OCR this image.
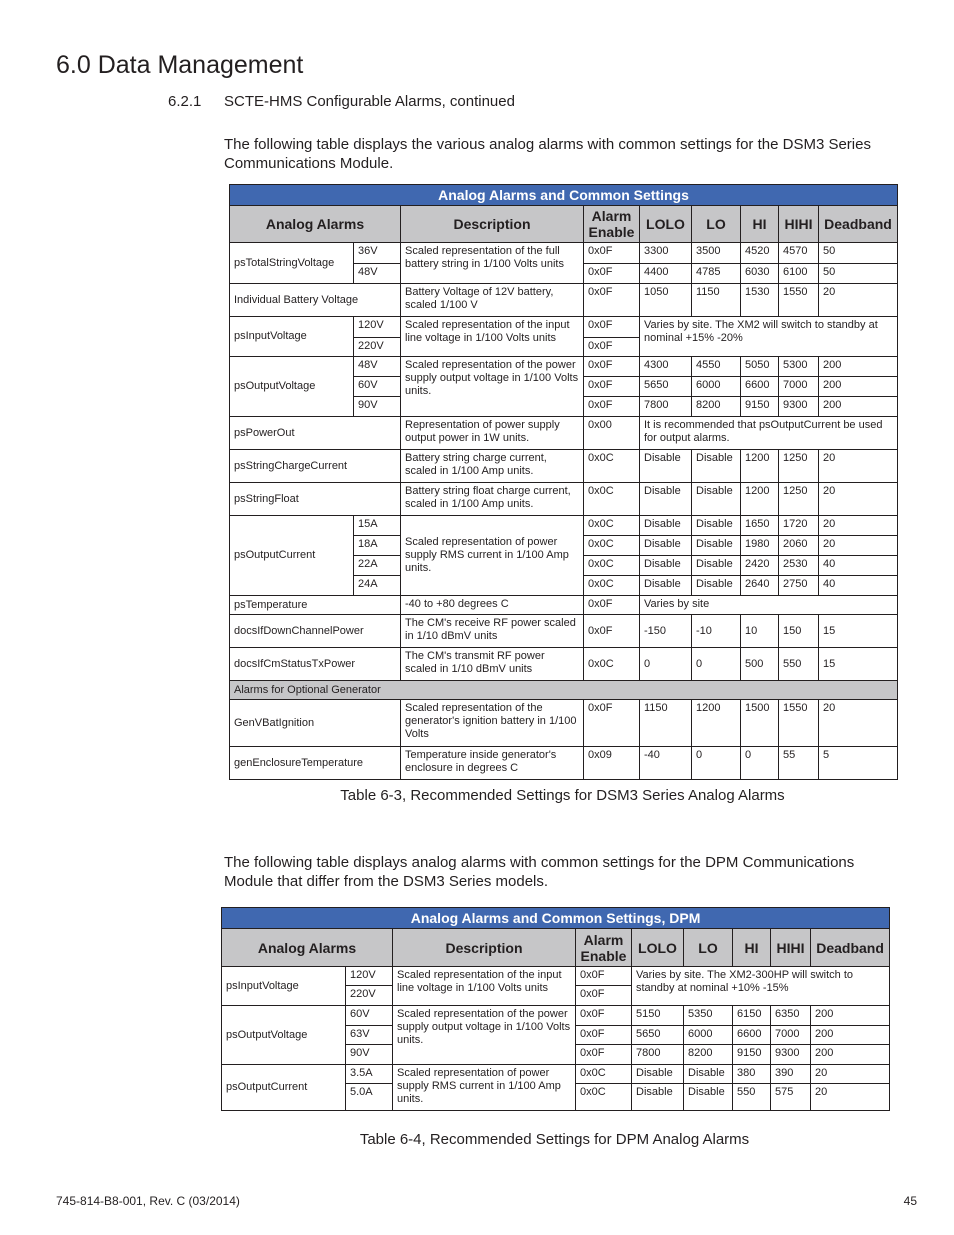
6.0 Data Management
6.2.1 SCTE-HMS Configurable Alarms, continued
The following table displays the various analog alarms with common settings for the DSM3 Series Communications Module.
Analog Alarms and Common Settings								
Analog Alarms		Description	Alarm Enable	LOLO	LO	HI	HIHI	Deadband
psTotalStringVoltage	36V	Scaled representation of the full battery string in 1/100 Volts units	0x0F	3300	3500	4520	4570	50
	48V		0x0F	4400	4785	6030	6100	50
Individual Battery Voltage		Battery Voltage of 12V battery, scaled 1/100 V	0x0F	1050	1150	1530	1550	20
psInputVoltage	120V	Scaled representation of the input line voltage in 1/100 Volts units	0x0F	Varies by site. The XM2 will switch to standby at nominal +15% -20%				
	220V		0x0F					
psOutputVoltage	48V	Scaled representation of the power supply output voltage in 1/100 Volts units.	0x0F	4300	4550	5050	5300	200
	60V		0x0F	5650	6000	6600	7000	200
	90V		0x0F	7800	8200	9150	9300	200
psPowerOut		Representation of power supply output power in 1W units.	0x00	It is recommended that psOutputCurrent be used for output alarms.				
psStringChargeCurrent		Battery string charge current, scaled in 1/100 Amp units.	0x0C	Disable	Disable	1200	1250	20
psStringFloat		Battery string float charge current, scaled in 1/100 Amp units.	0x0C	Disable	Disable	1200	1250	20
psOutputCurrent	15A	Scaled representation of power supply RMS current in 1/100 Amp units.	0x0C	Disable	Disable	1650	1720	20
	18A		0x0C	Disable	Disable	1980	2060	20
	22A		0x0C	Disable	Disable	2420	2530	40
	24A		0x0C	Disable	Disable	2640	2750	40
psTemperature		-40 to +80 degrees C	0x0F	Varies by site				
docsIfDownChannelPower		The CM's receive RF power scaled in 1/10 dBmV units	0x0F	-150	-10	10	150	15
docsIfCmStatusTxPower		The CM's transmit RF power scaled in 1/10 dBmV units	0x0C	0	0	500	550	15
Alarms for Optional Generator								
GenVBatIgnition		Scaled representation of the generator's ignition battery in 1/100 Volts	0x0F	1150	1200	1500	1550	20
genEnclosureTemperature		Temperature inside generator's enclosure in degrees C	0x09	-40	0	0	55	5
Table 6-3, Recommended Settings for DSM3 Series Analog Alarms
The following table displays analog alarms with common settings for the DPM Communications Module that differ from the DSM3 Series models.
Analog Alarms and Common Settings, DPM								
Analog Alarms		Description	Alarm Enable	LOLO	LO	HI	HIHI	Deadband
psInputVoltage	120V	Scaled representation of the input line voltage in 1/100 Volts units	0x0F	Varies by site. The XM2-300HP will switch to standby at nominal +10% -15%				
	220V		0x0F					
psOutputVoltage	60V	Scaled representation of the power supply output voltage in 1/100 Volts units.	0x0F	5150	5350	6150	6350	200
	63V		0x0F	5650	6000	6600	7000	200
	90V		0x0F	7800	8200	9150	9300	200
psOutputCurrent	3.5A	Scaled representation of power supply RMS current in 1/100 Amp units.	0x0C	Disable	Disable	380	390	20
	5.0A		0x0C	Disable	Disable	550	575	20
Table 6-4, Recommended Settings for DPM Analog Alarms
745-814-B8-001, Rev. C (03/2014)	45
